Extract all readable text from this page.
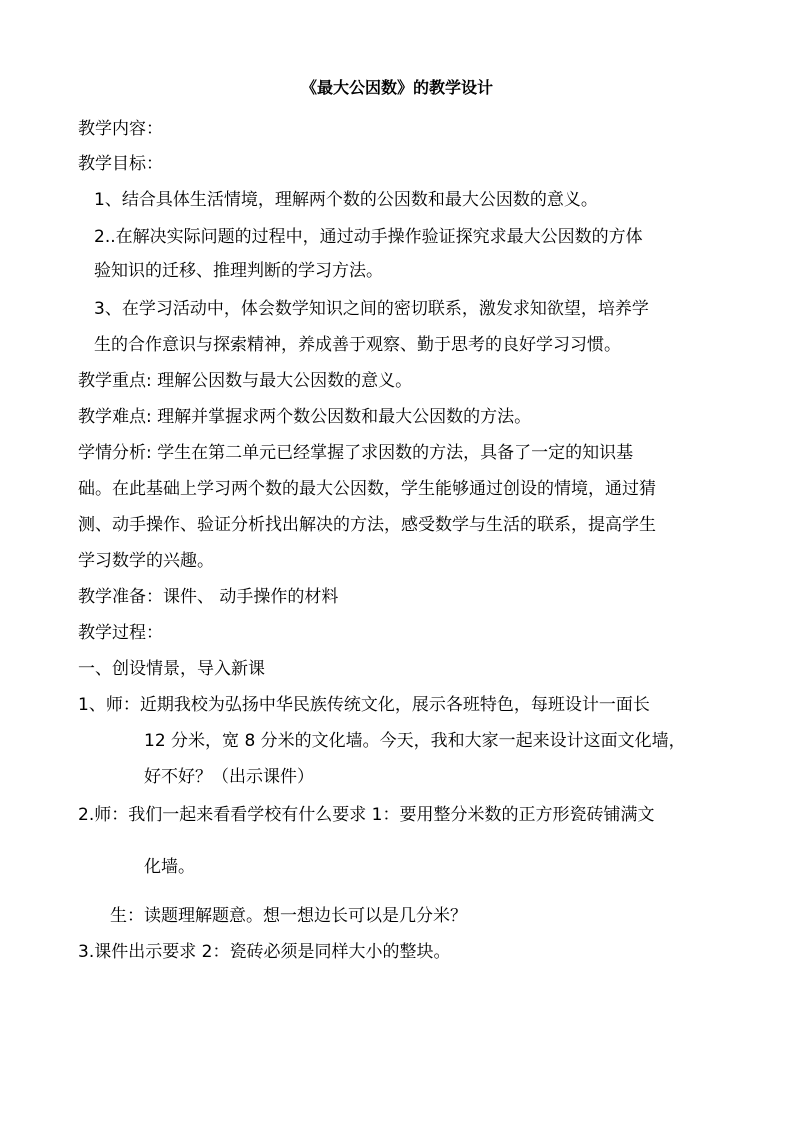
《最大公因数》的教学设计
教学内容：
教学目标：
1、结合具体生活情境，理解两个数的公因数和最大公因数的意义。
2..在解决实际问题的过程中，通过动手操作验证探究求最大公因数的方体
验知识的迁移、推理判断的学习方法。
3、在学习活动中，体会数学知识之间的密切联系，激发求知欲望，培养学
生的合作意识与探索精神，养成善于观察、勤于思考的良好学习习惯。
教学重点: 理解公因数与最大公因数的意义。
教学难点: 理解并掌握求两个数公因数和最大公因数的方法。
学情分析: 学生在第二单元已经掌握了求因数的方法，具备了一定的知识基
础。在此基础上学习两个数的最大公因数，学生能够通过创设的情境，通过猜
测、动手操作、验证分析找出解决的方法，感受数学与生活的联系，提高学生
学习数学的兴趣。
教学准备：课件、 动手操作的材料
教学过程：
一、创设情景，导入新课
1、师：近期我校为弘扬中华民族传统文化，展示各班特色，每班设计一面长
12 分米，宽 8 分米的文化墙。今天，我和大家一起来设计这面文化墙，
好不好？（出示课件）
2.师：我们一起来看看学校有什么要求 1：要用整分米数的正方形瓷砖铺满文
化墙。
生：读题理解题意。想一想边长可以是几分米？
3.课件出示要求 2：瓷砖必须是同样大小的整块。
